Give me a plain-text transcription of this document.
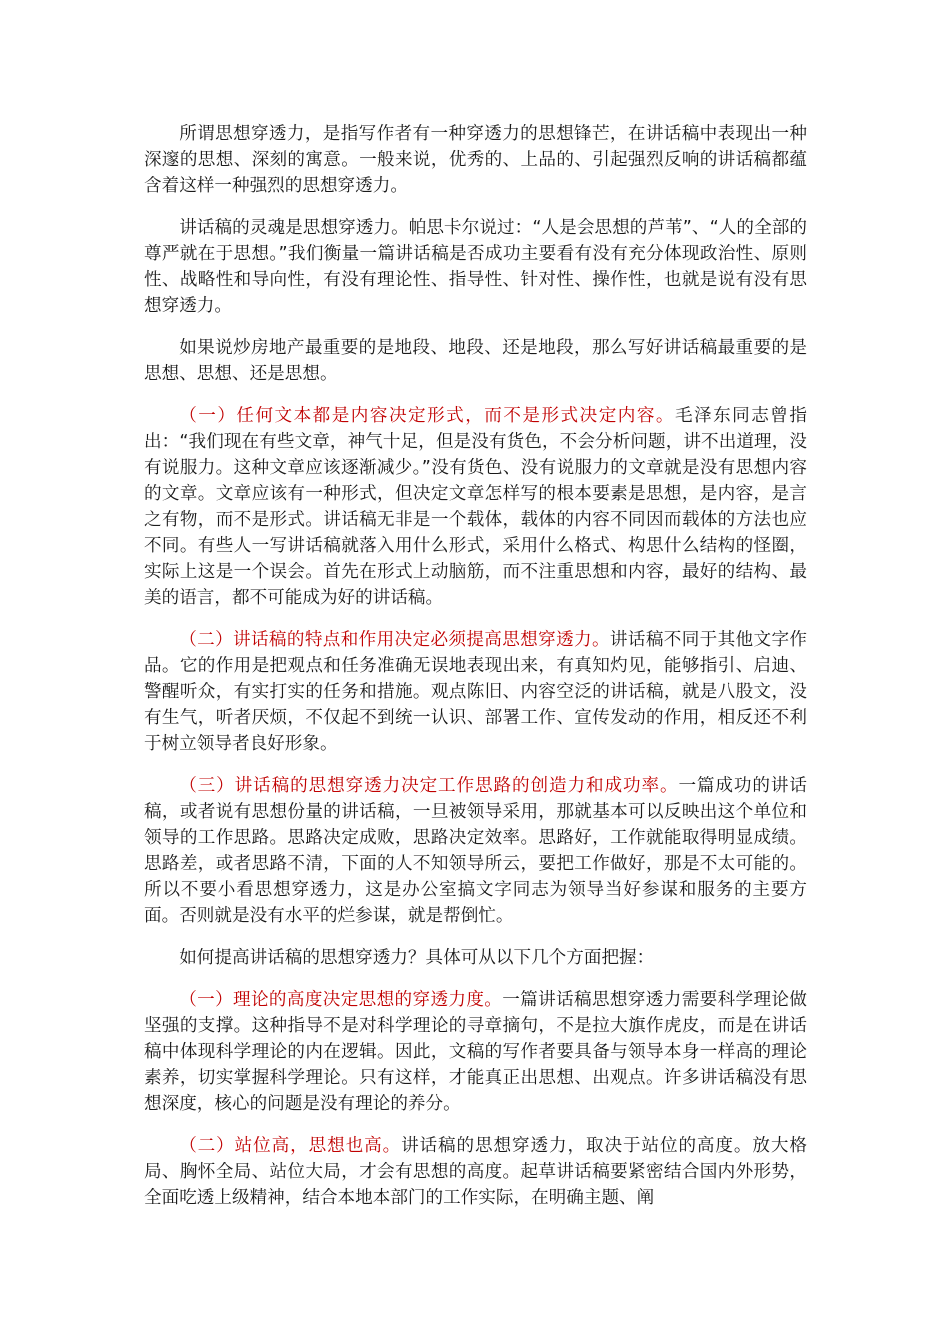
所谓思想穿透力，是指写作者有一种穿透力的思想锋芒，在讲话稿中表现出一种深邃的思想、深刻的寓意。一般来说，优秀的、上品的、引起强烈反响的讲话稿都蕴含着这样一种强烈的思想穿透力。

讲话稿的灵魂是思想穿透力。帕思卡尔说过：“人是会思想的芦苇”、“人的全部的尊严就在于思想。”我们衡量一篇讲话稿是否成功主要看有没有充分体现政治性、原则性、战略性和导向性，有没有理论性、指导性、针对性、操作性，也就是说有没有思想穿透力。

如果说炒房地产最重要的是地段、地段、还是地段，那么写好讲话稿最重要的是思想、思想、还是思想。

（一）任何文本都是内容决定形式，而不是形式决定内容。毛泽东同志曾指出：“我们现在有些文章，神气十足，但是没有货色，不会分析问题，讲不出道理，没有说服力。这种文章应该逐渐减少。”没有货色、没有说服力的文章就是没有思想内容的文章。文章应该有一种形式，但决定文章怎样写的根本要素是思想，是内容，是言之有物，而不是形式。讲话稿无非是一个载体，载体的内容不同因而载体的方法也应不同。有些人一写讲话稿就落入用什么形式，采用什么格式、构思什么结构的怪圈，实际上这是一个误会。首先在形式上动脑筋，而不注重思想和内容，最好的结构、最美的语言，都不可能成为好的讲话稿。

（二）讲话稿的特点和作用决定必须提高思想穿透力。讲话稿不同于其他文字作品。它的作用是把观点和任务准确无误地表现出来，有真知灼见，能够指引、启迪、警醒听众，有实打实的任务和措施。观点陈旧、内容空泛的讲话稿，就是八股文，没有生气，听者厌烦，不仅起不到统一认识、部署工作、宣传发动的作用，相反还不利于树立领导者良好形象。

（三）讲话稿的思想穿透力决定工作思路的创造力和成功率。一篇成功的讲话稿，或者说有思想份量的讲话稿，一旦被领导采用，那就基本可以反映出这个单位和领导的工作思路。思路决定成败，思路决定效率。思路好，工作就能取得明显成绩。思路差，或者思路不清，下面的人不知领导所云，要把工作做好，那是不太可能的。所以不要小看思想穿透力，这是办公室搞文字同志为领导当好参谋和服务的主要方面。否则就是没有水平的烂参谋，就是帮倒忙。

如何提高讲话稿的思想穿透力？具体可从以下几个方面把握：

（一）理论的高度决定思想的穿透力度。一篇讲话稿思想穿透力需要科学理论做坚强的支撑。这种指导不是对科学理论的寻章摘句，不是拉大旗作虎皮，而是在讲话稿中体现科学理论的内在逻辑。因此，文稿的写作者要具备与领导本身一样高的理论素养，切实掌握科学理论。只有这样，才能真正出思想、出观点。许多讲话稿没有思想深度，核心的问题是没有理论的养分。

（二）站位高，思想也高。讲话稿的思想穿透力，取决于站位的高度。放大格局、胸怀全局、站位大局，才会有思想的高度。起草讲话稿要紧密结合国内外形势，全面吃透上级精神，结合本地本部门的工作实际，在明确主题、阐
